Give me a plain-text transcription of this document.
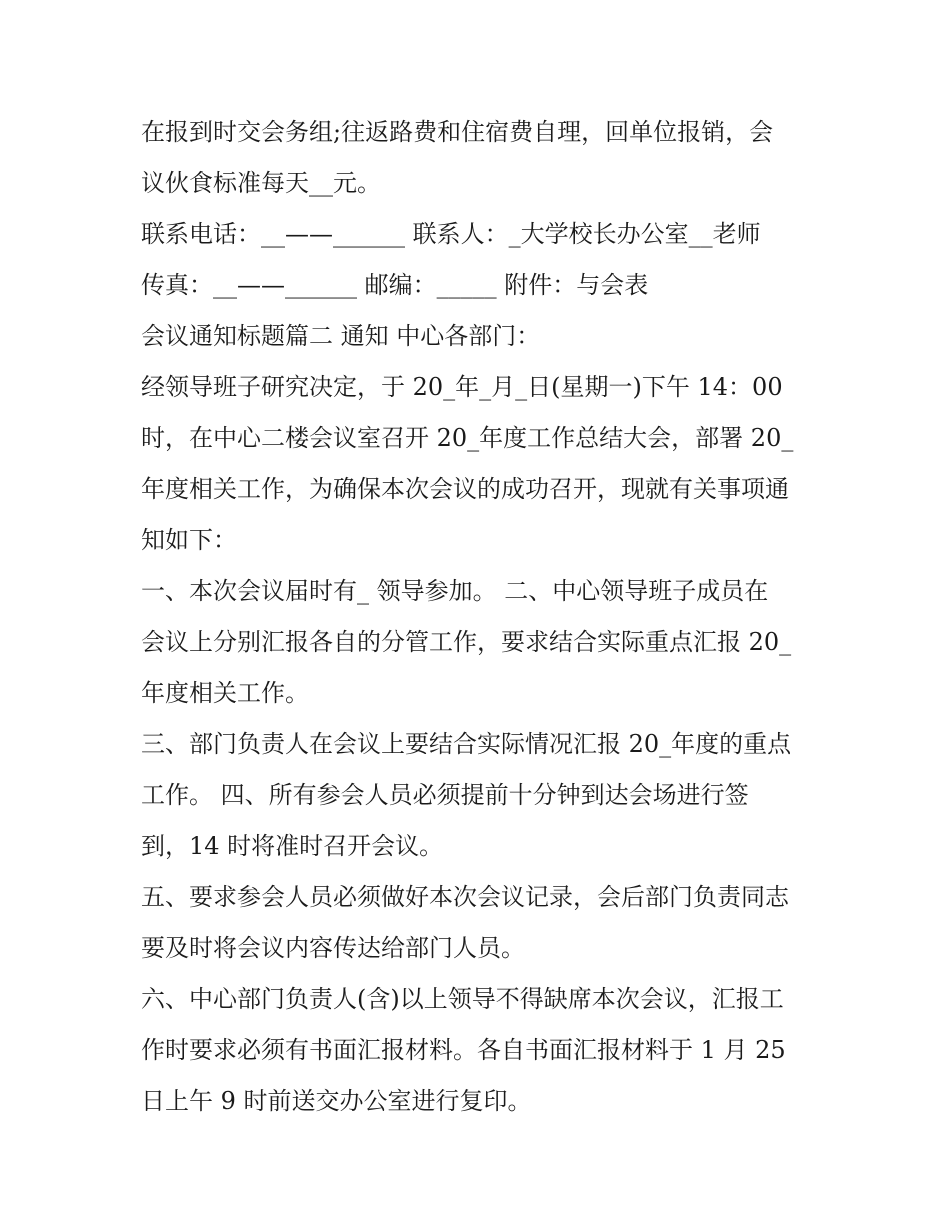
在报到时交会务组;往返路费和住宿费自理，回单位报销，会
议伙食标准每天__元。
联系电话：__——______ 联系人：_大学校长办公室__老师
传真：__——______ 邮编：_____ 附件：与会表
会议通知标题篇二 通知 中心各部门：
经领导班子研究决定，于 20_年_月_日(星期一)下午 14：00
时，在中心二楼会议室召开 20_年度工作总结大会，部署 20_
年度相关工作，为确保本次会议的成功召开，现就有关事项通
知如下：
一、本次会议届时有_ 领导参加。 二、中心领导班子成员在
会议上分别汇报各自的分管工作，要求结合实际重点汇报 20_
年度相关工作。
三、部门负责人在会议上要结合实际情况汇报 20_年度的重点
工作。 四、所有参会人员必须提前十分钟到达会场进行签
到，14 时将准时召开会议。
五、要求参会人员必须做好本次会议记录，会后部门负责同志
要及时将会议内容传达给部门人员。
六、中心部门负责人(含)以上领导不得缺席本次会议，汇报工
作时要求必须有书面汇报材料。各自书面汇报材料于 1 月 25
日上午 9 时前送交办公室进行复印。
